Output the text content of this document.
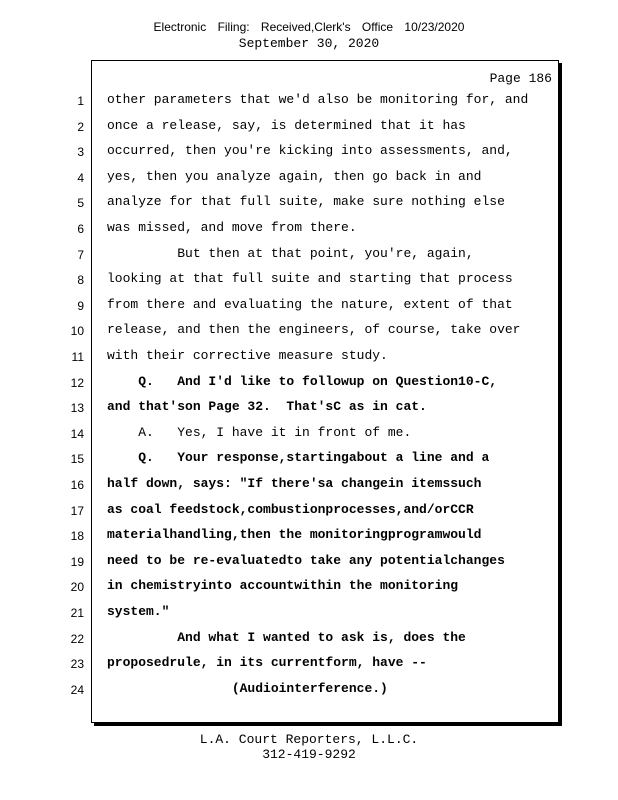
Electronic Filing: Received,Clerk's Office 10/23/2020
September 30, 2020
Page 186
1 other parameters that we'd also be monitoring for, and
2 once a release, say, is determined that it has
3 occurred, then you're kicking into assessments, and,
4 yes, then you analyze again, then go back in and
5 analyze for that full suite, make sure nothing else
6 was missed, and move from there.
7 But then at that point, you're, again,
8 looking at that full suite and starting that process
9 from there and evaluating the nature, extent of that
10 release, and then the engineers, of course, take over
11 with their corrective measure study.
12 Q.   And I'd like to followup on Question10-C,
13 and that'son Page 32.  That'sC as in cat.
14 A.   Yes, I have it in front of me.
15 Q.   Your response,startingabout a line and a
16 half down, says: "If there'sa changein itemssuch
17 as coal feedstock,combustionprocesses,and/orCCR
18 materialhandling,then the monitoringprogramwould
19 need to be re-evaluatedto take any potentialchanges
20 in chemistryinto accountwithin the monitoring
21 system."
22 And what I wanted to ask is, does the
23 proposedrule, in its currentform, have --
24 (Audiointerference.)
L.A. Court Reporters, L.L.C.
312-419-9292
